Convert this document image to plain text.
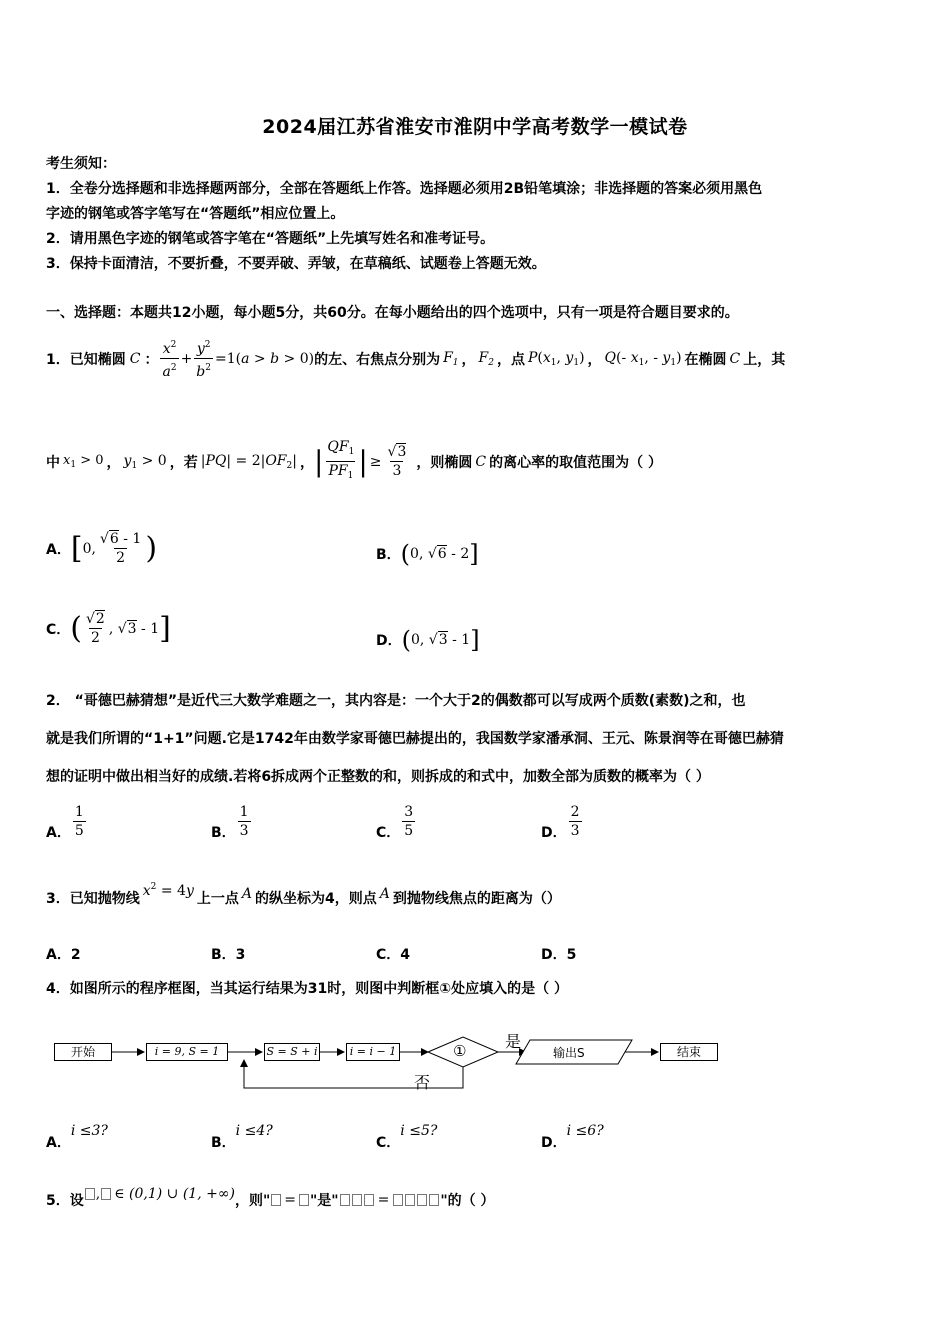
2024届江苏省淮安市淮阴中学高考数学一模试卷
考生须知：
1．全卷分选择题和非选择题两部分，全部在答题纸上作答。选择题必须用2B铅笔填涂；非选择题的答案必须用黑色
字迹的钢笔或答字笔写在“答题纸”相应位置上。
2．请用黑色字迹的钢笔或答字笔在“答题纸”上先填写姓名和准考证号。
3．保持卡面清洁，不要折叠，不要弄破、弄皱，在草稿纸、试题卷上答题无效。
一、选择题：本题共12小题，每小题5分，共60分。在每小题给出的四个选项中，只有一项是符合题目要求的。
1．已知椭圆 C ： $\frac{x^2}{a^2} + \frac{y^2}{b^2} =1(a > b > 0)$ 的左、右焦点分别为 $F_1$ ， $F_2$ ，点 $P(x_1$, $y_1$) ， Q(- $x_1$, - $y_1$) 在椭圆 C 上，其
中 $x_1 > 0$ ， $y_1 > 0$ ，若 $|PQ| = 2|OF_2|$ ， | $\frac{QF_1}{PF_1}$ | ≥ $\frac{√3}{3}$ ，则椭圆 C 的离心率的取值范围为（ ）
A． [ 0, $\frac{√6 - 1}{2}$ )	B． ( 0, √6 - 2 ]
C． ( $\frac{√2}{2}$ , √3 - 1 ]	D． ( 0, √3 - 1 ]
2． “哥德巴赫猜想”是近代三大数学难题之一，其内容是：一个大于2的偶数都可以写成两个质数(素数)之和，也
就是我们所谓的“1+1”问题.它是1742年由数学家哥德巴赫提出的，我国数学家潘承洞、王元、陈景润等在哥德巴赫猜
想的证明中做出相当好的成绩.若将6拆成两个正整数的和，则拆成的和式中，加数全部为质数的概率为（ ）
A． $\frac{1}{5}$	B． $\frac{1}{3}$	C． $\frac{3}{5}$	D． $\frac{2}{3}$
3．已知抛物线
$x^2 = 4y$
上一点 A 的纵坐标为4，则点 A 到抛物线焦点的距离为（）
A．2	B．3	C．4	D．5
4．如图所示的程序框图，当其运行结果为31时，则图中判断框①处应填入的是（ ）
开始	i = 9, S = 1	S = S + i	i = i − 1	① 是
否
输出S	结束
A．i ≤3?
B．i ≤4?
C．i ≤5?
D．i ≤6?
5．设 , ∈ (0,1) ∪ (1, +∞) ，则" = "是"	=	"的（ ）
